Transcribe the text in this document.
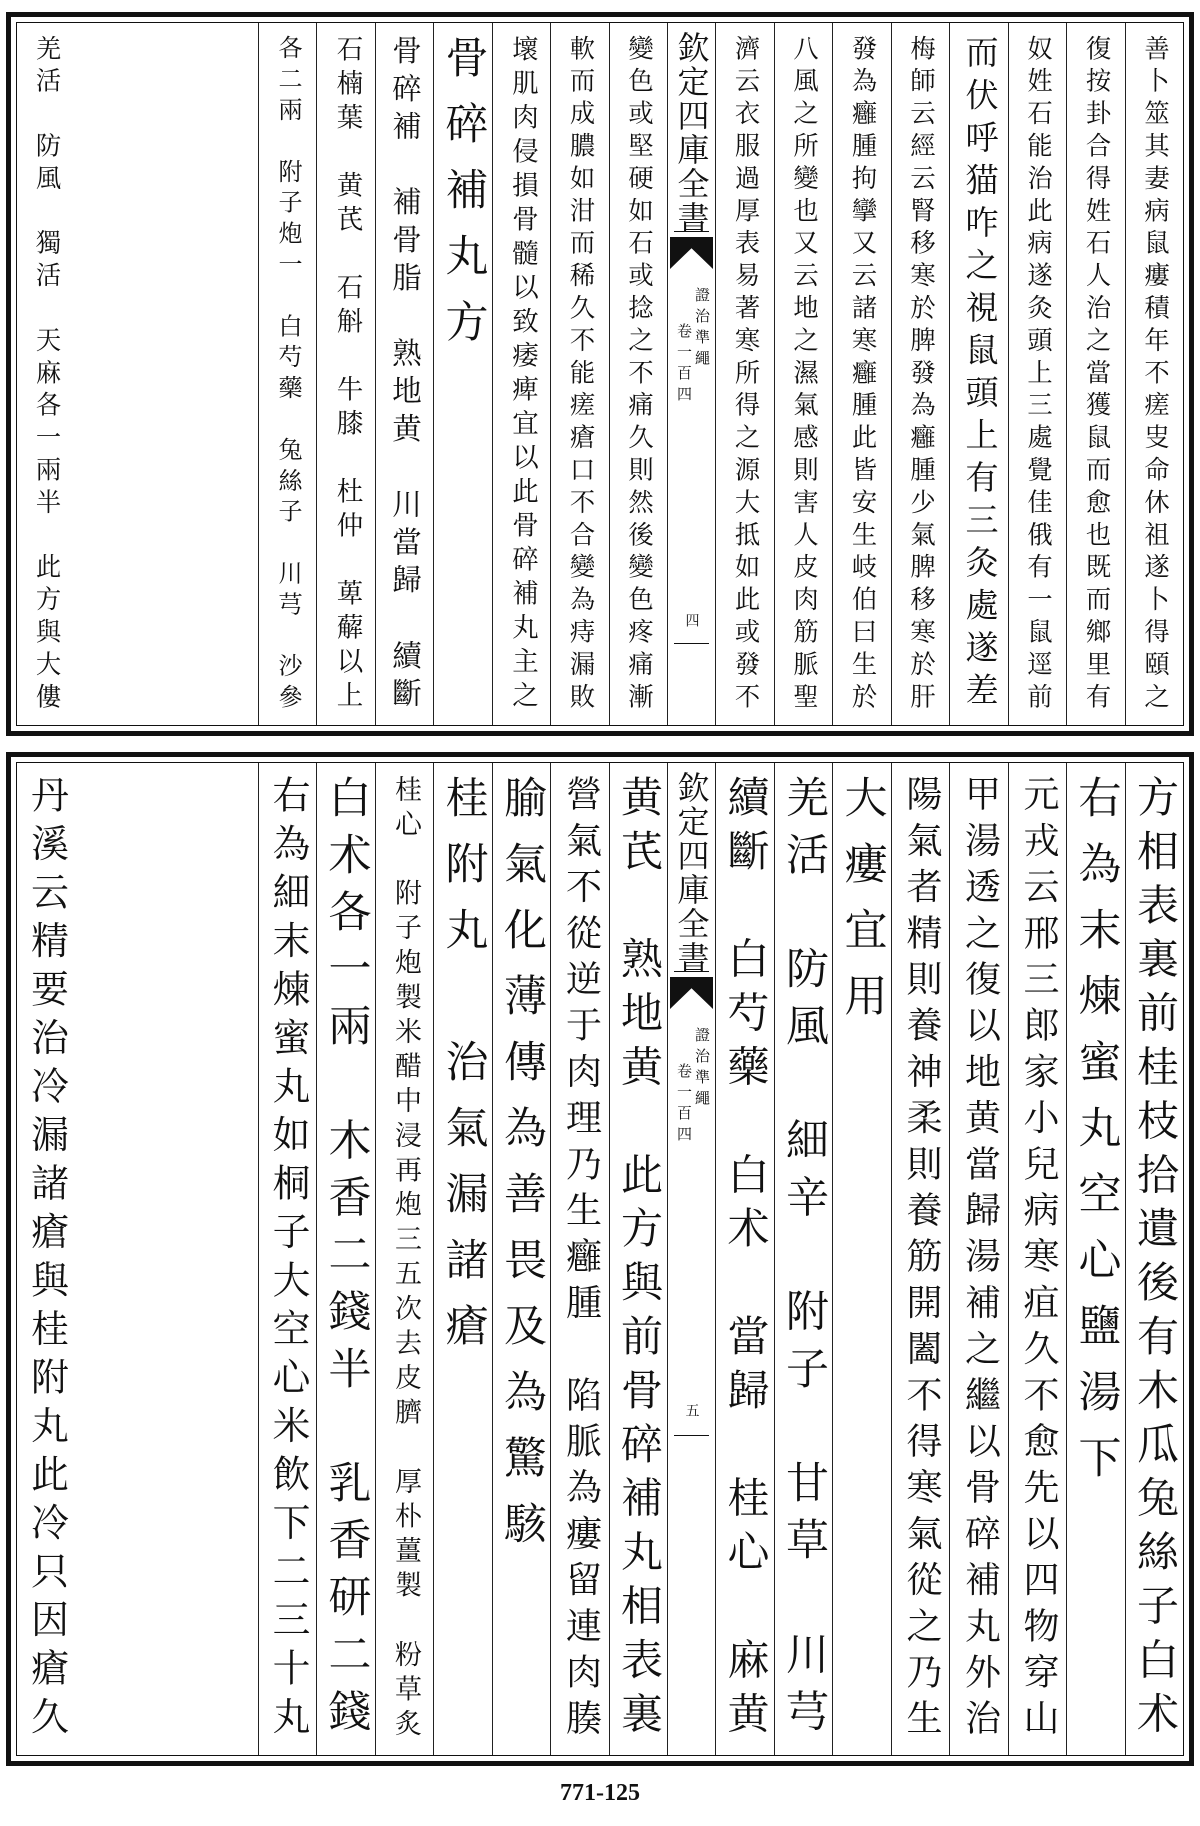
善卜筮其妻病鼠瘻積年不瘥㕜命休祖遂卜得頤之
復按卦合得姓石人治之當獲鼠而愈也既而鄉里有
奴姓石能治此病遂灸頭上三處覺佳俄有一鼠逕前
而伏呼猫咋之視鼠頭上有三灸處遂差
梅師云經云腎移寒於脾發為癰腫少氣脾移寒於肝
發為癰腫拘攣又云諸寒癰腫此皆安生岐伯曰生於
八風之所變也又云地之濕氣感則害人皮肉筋脈聖
濟云衣服過厚表易著寒所得之源大抵如此或發不
欽定四庫全書
證治準繩
卷一百四
四
變色或堅硬如石或捻之不痛久則然後變色疼痛漸
軟而成膿如泔而稀久不能瘥瘡口不合變為痔漏敗
壞肌肉侵損骨髓以致痿痺宜以此骨碎補丸主之
骨碎補丸方
骨碎補　補骨脂　熟地黄　川當歸　續斷
石楠葉　黄芪　石斛　牛膝　杜仲　萆薢以上
各二兩　附子炮一　白芍藥　兔絲子　川芎　沙參
羌活　防風　獨活　天麻各一兩半　此方與大僂
方相表裏前桂枝拾遺後有木瓜兔絲子白术
右為末煉蜜丸空心鹽湯下
元戎云邢三郎家小兒病寒疽久不愈先以四物穿山
甲湯透之復以地黄當歸湯補之繼以骨碎補丸外治
陽氣者精則養神柔則養筋開闔不得寒氣從之乃生
大瘻宜用
羌活　防風　細辛　附子　甘草　川芎
續斷　白芍藥　白术　當歸　桂心　麻黄
欽定四庫全書
證治準繩
卷一百四
五
黄芪　熟地黄　此方與前骨碎補丸相表裏
營氣不從逆于肉理乃生癰腫　陷脈為瘻留連肉腠
腧氣化薄傳為善畏及為驚駭
桂附丸　治氣漏諸瘡
桂心　附子炮製米醋中浸再炮三五次去皮臍　厚朴薑製　粉草炙
白术各一兩　木香二錢半　乳香研二錢
右為細末煉蜜丸如桐子大空心米飲下二三十丸
丹溪云精要治冷漏諸瘡與桂附丸此冷只因瘡久
771-125
